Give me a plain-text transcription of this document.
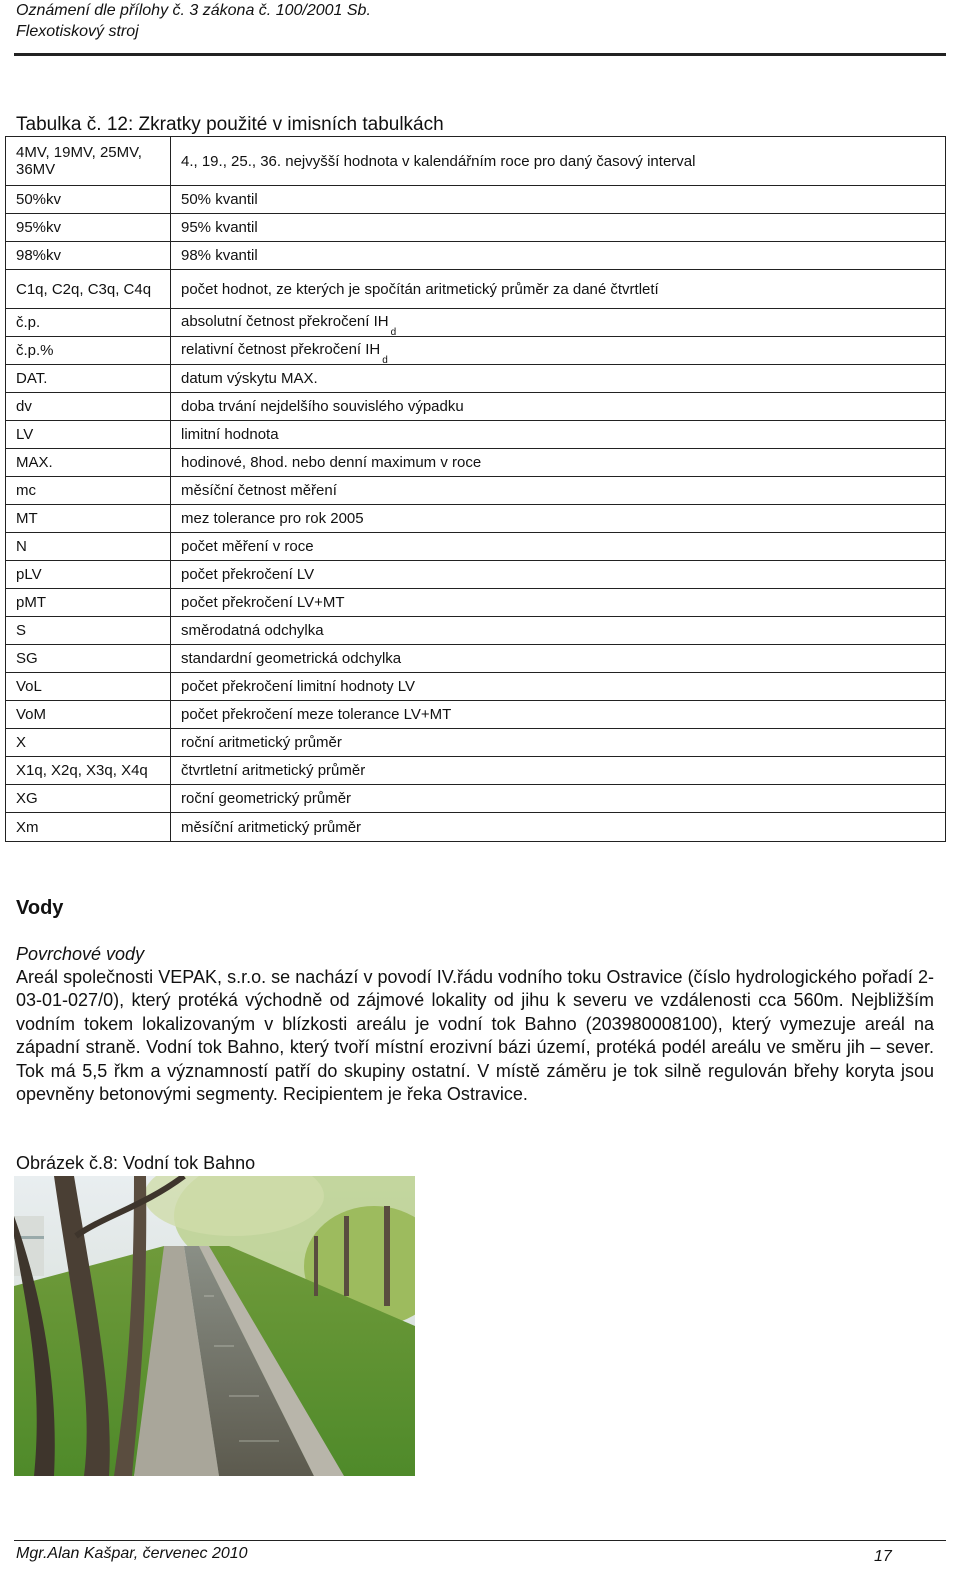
Oznámení dle přílohy č. 3 zákona č. 100/2001 Sb.
Flexotiskový stroj
Tabulka č. 12: Zkratky použité v imisních tabulkách
4MV, 19MV, 25MV, 36MV	4., 19., 25., 36. nejvyšší hodnota v kalendářním roce pro daný časový interval
50%kv	50% kvantil
95%kv	95% kvantil
98%kv	98% kvantil
C1q, C2q, C3q, C4q	počet hodnot, ze kterých je spočítán aritmetický průměr za dané čtvrtletí
č.p.	absolutní četnost překročení $IH_d$
č.p.%	relativní četnost překročení $IH_d$
DAT.	datum výskytu MAX.
dv	doba trvání nejdelšího souvislého výpadku
LV	limitní hodnota
MAX.	hodinové, 8hod. nebo denní maximum v roce
mc	měsíční četnost měření
MT	mez tolerance pro rok 2005
N	počet měření v roce
pLV	počet překročení LV
pMT	počet překročení LV+MT
S	směrodatná odchylka
SG	standardní geometrická odchylka
VoL	počet překročení limitní hodnoty LV
VoM	počet překročení meze tolerance LV+MT
X	roční aritmetický průměr
X1q, X2q, X3q, X4q	čtvrtletní aritmetický průměr
XG	roční geometrický průměr
Xm	měsíční aritmetický průměr
Vody
Povrchové vody

Areál společnosti VEPAK, s.r.o. se nachází v povodí IV.řádu vodního toku Ostravice (číslo hydrologického pořadí 2-03-01-027/0), který protéká východně od zájmové lokality od jihu k severu ve vzdálenosti cca 560m. Nejbližším vodním tokem lokalizovaným v blízkosti areálu je vodní tok Bahno (203980008100), který vymezuje areál na západní straně. Vodní tok Bahno, který tvoří místní erozivní bázi území, protéká podél areálu ve směru jih – sever. Tok má 5,5 řkm a významností patří do skupiny ostatní. V místě záměru je tok silně regulován břehy koryta jsou opevněny betonovými segmenty. Recipientem je řeka Ostravice.

Obrázek č.8: Vodní tok Bahno
Mgr.Alan Kašpar, červenec 2010	17
